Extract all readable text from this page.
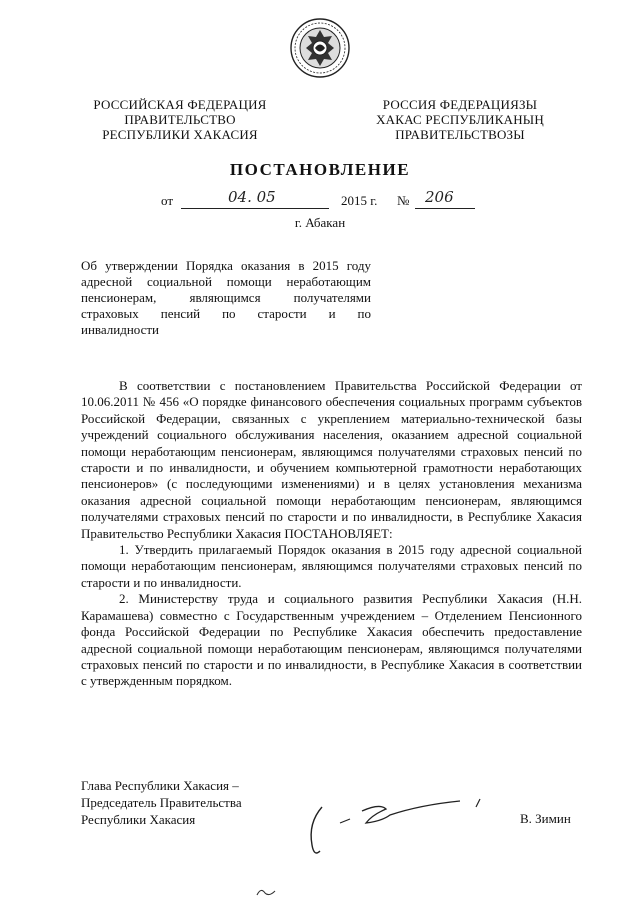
РОССИЙСКАЯ ФЕДЕРАЦИЯ
ПРАВИТЕЛЬСТВО
РЕСПУБЛИКИ ХАКАСИЯ
РОССИЯ ФЕДЕРАЦИЯЗЫ
ХАКАС РЕСПУБЛИКАНЫҢ
ПРАВИТЕЛЬСТВОЗЫ
ПОСТАНОВЛЕНИЕ
от	04. 05	2015 г. № 206
г. Абакан
Об утверждении Порядка оказания в 2015 году
адресной социальной помощи неработающим
пенсионерам, являющимся получателями
страховых пенсий по старости и по
инвалидности

В соответствии с постановлением Правительства Российской Федерации от 10.06.2011 № 456 «О порядке финансового обеспечения социальных программ субъектов Российской Федерации, связанных с укреплением материально-технической базы учреждений социального обслуживания населения, оказанием адресной социальной помощи неработающим пенсионерам, являющимся получателями страховых пенсий по старости и по инвалидности, и обучением компьютерной грамотности неработающих пенсионеров» (с последующими изменениями) и в целях установления механизма оказания адресной социальной помощи неработающим пенсионерам, являющимся получателями страховых пенсий по старости и по инвалидности, в Республике Хакасия Правительство Республики Хакасия ПОСТАНОВЛЯЕТ:

1. Утвердить прилагаемый Порядок оказания в 2015 году адресной социальной помощи неработающим пенсионерам, являющимся получателями страховых пенсий по старости и по инвалидности.

2. Министерству труда и социального развития Республики Хакасия (Н.Н. Карамашева) совместно с Государственным учреждением – Отделением Пенсионного фонда Российской Федерации по Республике Хакасия обеспечить предоставление адресной социальной помощи неработающим пенсионерам, являющимся получателями страховых пенсий по старости и по инвалидности, в Республике Хакасия в соответствии с утвержденным порядком.

Глава Республики Хакасия –
Председатель Правительства
Республики Хакасия	В. Зимин
